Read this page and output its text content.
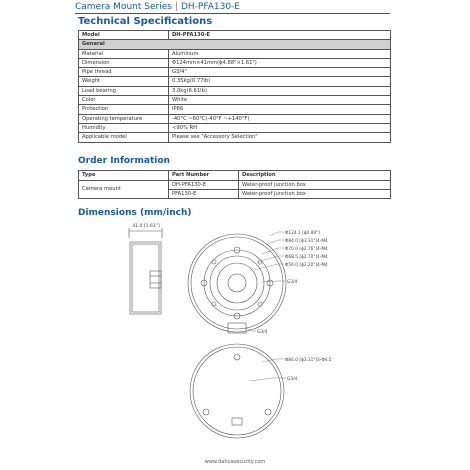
Camera Mount Series | DH-PFA130-E
Technical Specifications
Model	DH-PFA130-E
General	
Material	Aluminum
Dimension	Φ124mm×41mm(ϕ4.88"×1.61")
Pipe thread	G3/4"
Weight	0.35kg(0.77lb)
Load bearing	3.0kg(6.61lb)
Color	White
Protection	IP66
Operating temperature	-40°C ~60°C(-40°F ~+140°F)
Humidity	<90% RH
Applicable model	Please see "Accessory Selection"
Order Information
Type	Part Number	Description
Camera mount	DH-PFA130-E	Water-proof junction box
	PFA130-E	Water-proof junction box
Dimensions (mm/inch)
41.0 [1.61"]
Φ124.1 [ϕ4.89"]
Φ84.0 [ϕ3.31"]4-M4
Φ70.0 [ϕ2.76"]4-M4
Φ68.5 [ϕ2.70"]4-M4
Φ56.0 [ϕ2.20"]4-M4
G3/4
G3/4
Φ84.0 [ϕ3.31"]3-Φ4.5
G3/4
www.dahuasecurity.com
